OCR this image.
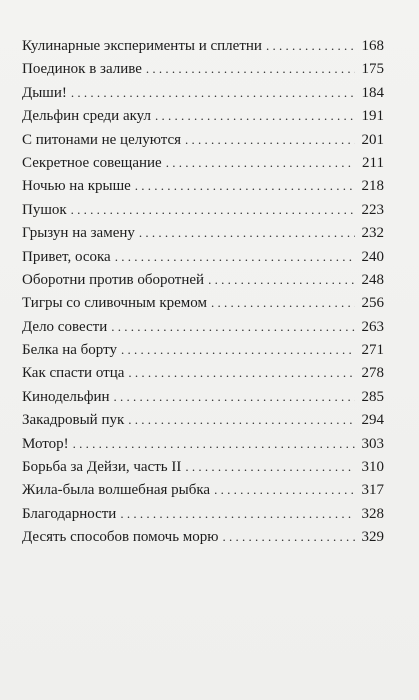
Кулинарные эксперименты и сплетни . . .	168
Поединок в заливе . . .	175
Дыши! . . .	184
Дельфин среди акул . . .	191
С питонами не целуются . . .	201
Секретное совещание . . .	211
Ночью на крыше . . .	218
Пушок . . .	223
Грызун на замену . . .	232
Привет, осока . . .	240
Оборотни против оборотней . . .	248
Тигры со сливочным кремом . . .	256
Дело совести . . .	263
Белка на борту . . .	271
Как спасти отца . . .	278
Кинодельфин . . .	285
Закадровый пук . . .	294
Мотор! . . .	303
Борьба за Дейзи, часть II . . .	310
Жила-была волшебная рыбка . . .	317
Благодарности . . .	328
Десять способов помочь морю . . .	329
